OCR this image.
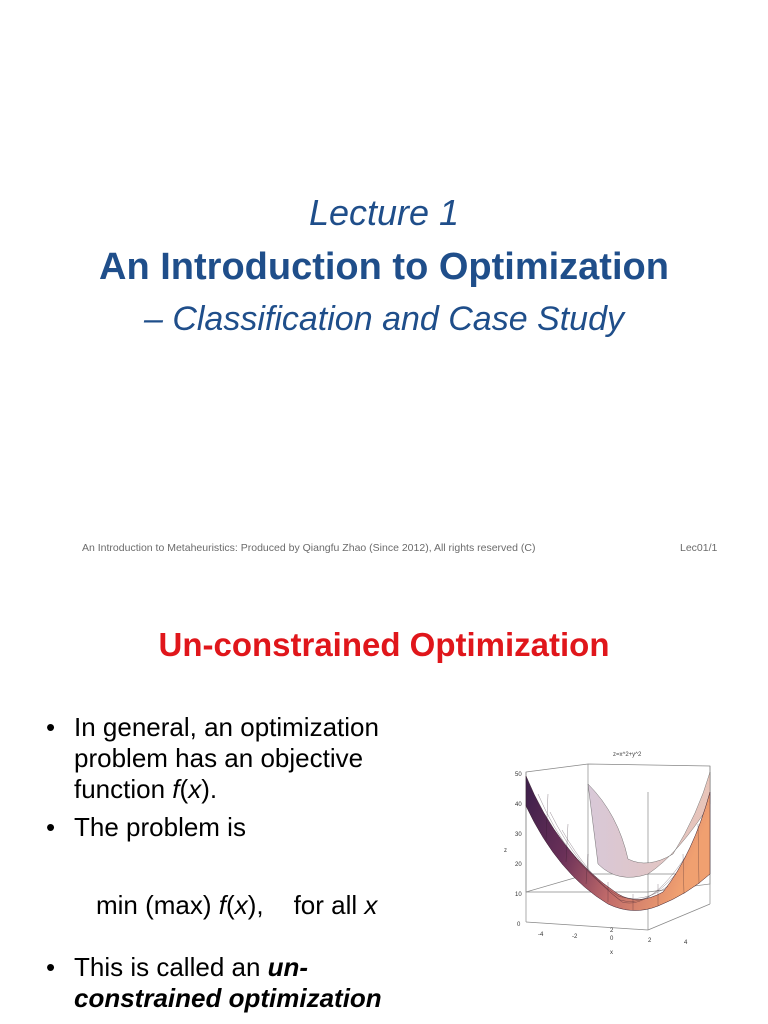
Lecture 1
An Introduction to Optimization
– Classification and Case Study
An Introduction to Metaheuristics: Produced by Qiangfu Zhao (Since 2012), All rights reserved (C)	Lec01/1
Un-constrained Optimization
• In general, an optimization
problem has an objective
function f(x).
• The problem is
• This is called an un-
constrained optimization
min (max) f(x), for all x
z=x^2+y^2
50
40
30
20
10
0
z
-4	-2	0	2	4
x
2
